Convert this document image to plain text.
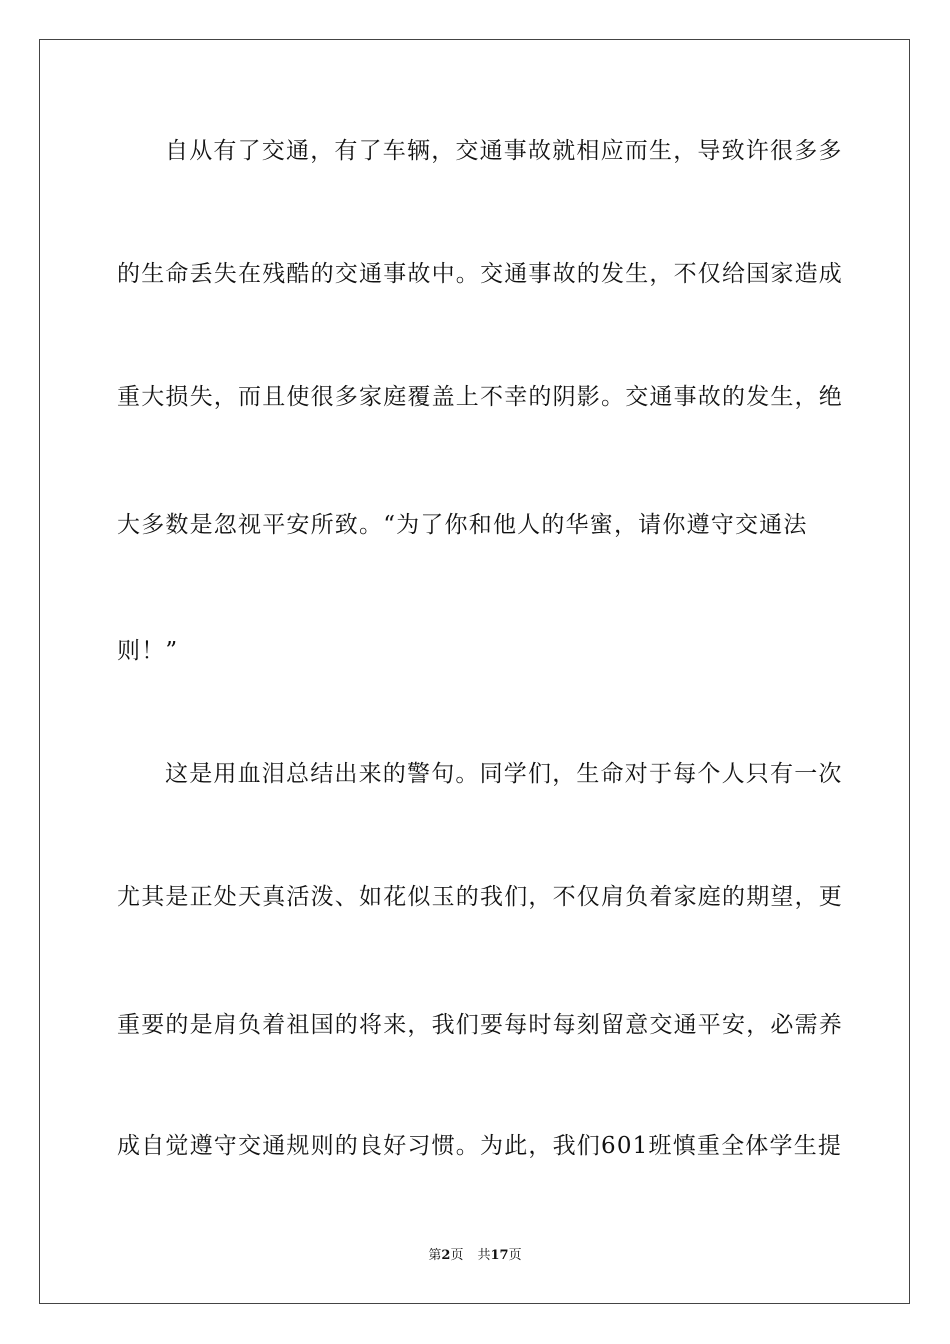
自从有了交通，有了车辆，交通事故就相应而生，导致许很多多
的生命丢失在残酷的交通事故中。交通事故的发生，不仅给国家造成
重大损失，而且使很多家庭覆盖上不幸的阴影。交通事故的发生，绝
大多数是忽视平安所致。“为了你和他人的华蜜，请你遵守交通法
则！”
这是用血泪总结出来的警句。同学们，生命对于每个人只有一次
尤其是正处天真活泼、如花似玉的我们，不仅肩负着家庭的期望，更
重要的是肩负着祖国的将来，我们要每时每刻留意交通平安，必需养
成自觉遵守交通规则的良好习惯。为此，我们601班慎重全体学生提
第2页 共17页
